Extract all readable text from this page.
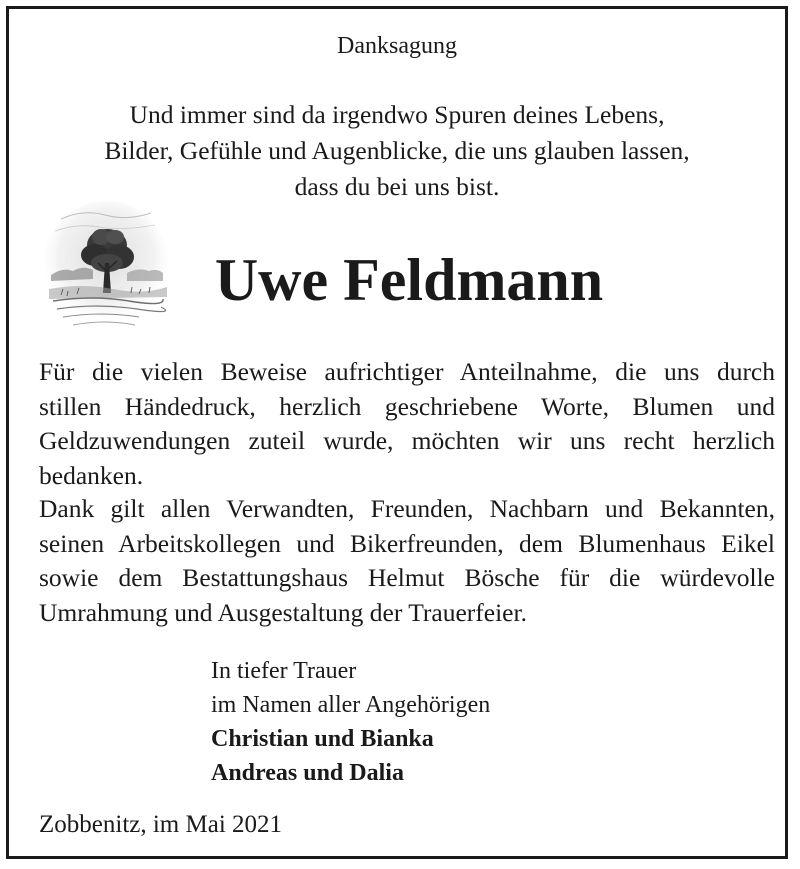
Danksagung
Und immer sind da irgendwo Spuren deines Lebens,
Bilder, Gefühle und Augenblicke, die uns glauben lassen,
dass du bei uns bist.
Uwe Feldmann
Für die vielen Beweise aufrichtiger Anteilnahme, die uns durch
stillen Händedruck, herzlich geschriebene Worte, Blumen und
Geldzuwendungen zuteil wurde, möchten wir uns recht herzlich
bedanken.
Dank gilt allen Verwandten, Freunden, Nachbarn und Bekannten,
seinen Arbeitskollegen und Bikerfreunden, dem Blumenhaus Eikel
sowie dem Bestattungshaus Helmut Bösche für die würdevolle
Umrahmung und Ausgestaltung der Trauerfeier.
In tiefer Trauer
im Namen aller Angehörigen
Christian und Bianka
Andreas und Dalia
Zobbenitz, im Mai 2021
